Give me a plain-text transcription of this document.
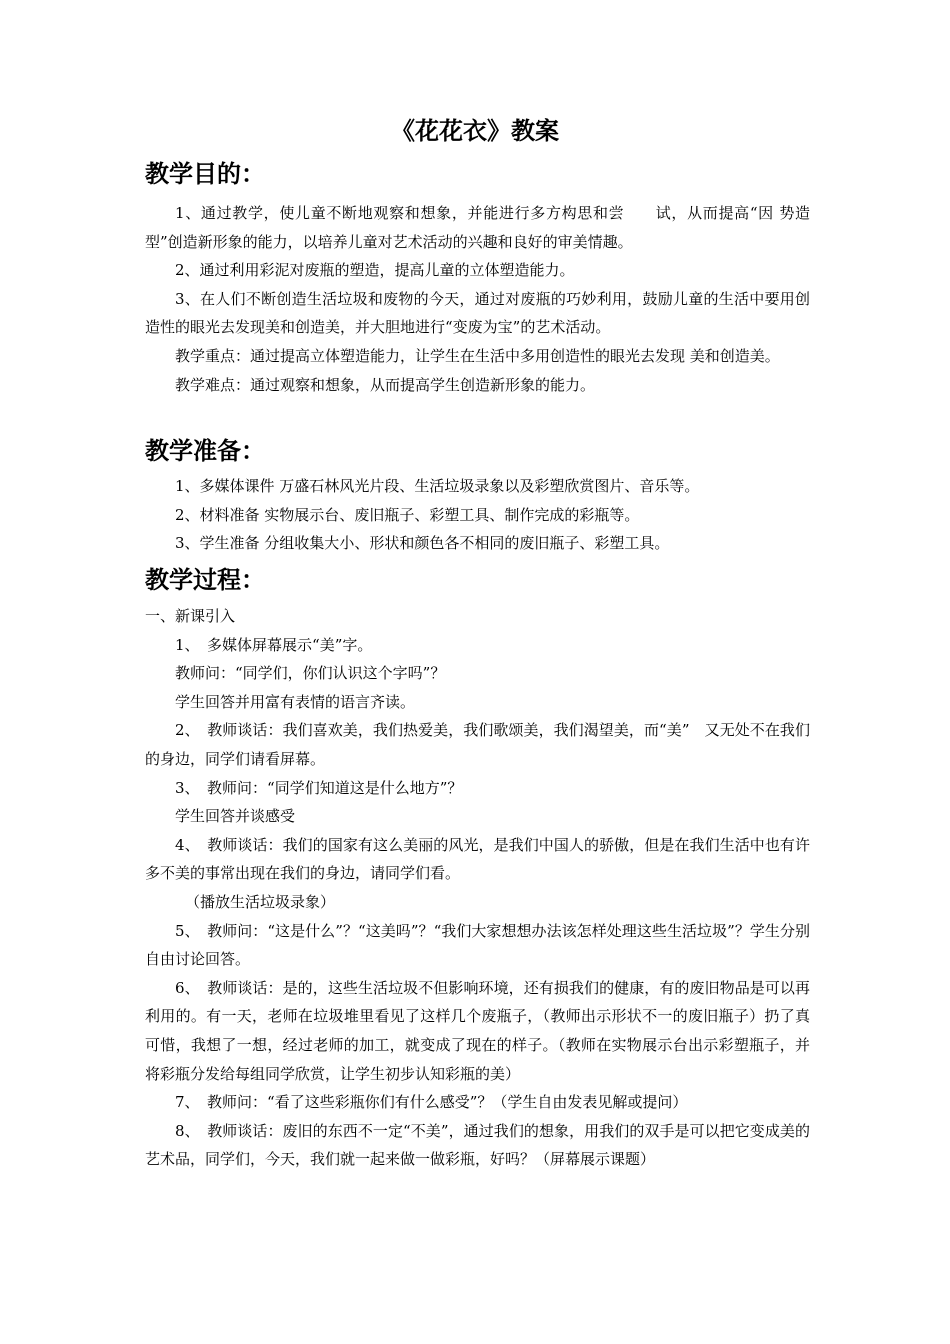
《花花衣》教案
教学目的：

1、通过教学，使儿童不断地观察和想象，并能进行多方构思和尝　　试，从而提高“因 势造型”创造新形象的能力，以培养儿童对艺术活动的兴趣和良好的审美情趣。

2、通过利用彩泥对废瓶的塑造，提高儿童的立体塑造能力。

3、在人们不断创造生活垃圾和废物的今天，通过对废瓶的巧妙利用，鼓励儿童的生活中要用创造性的眼光去发现美和创造美，并大胆地进行“变废为宝”的艺术活动。

教学重点：通过提高立体塑造能力，让学生在生活中多用创造性的眼光去发现 美和创造美。

教学难点：通过观察和想象，从而提高学生创造新形象的能力。

教学准备：

1、多媒体课件 万盛石林风光片段、生活垃圾录象以及彩塑欣赏图片、音乐等。

2、材料准备 实物展示台、废旧瓶子、彩塑工具、制作完成的彩瓶等。

3、学生准备 分组收集大小、形状和颜色各不相同的废旧瓶子、彩塑工具。

教学过程：

一、新课引入

1、　多媒体屏幕展示“美”字。

教师问：“同学们，你们认识这个字吗”？

学生回答并用富有表情的语言齐读。

2、　教师谈话：我们喜欢美，我们热爱美，我们歌颂美，我们渴望美，而“美”　又无处不在我们的身边，同学们请看屏幕。

3、　教师问：“同学们知道这是什么地方”？

学生回答并谈感受

4、　教师谈话：我们的国家有这么美丽的风光，是我们中国人的骄傲，但是在我们生活中也有许多不美的事常出现在我们的身边，请同学们看。

（播放生活垃圾录象）

5、　教师问：“这是什么”？“这美吗”？“我们大家想想办法该怎样处理这些生活垃圾”？学生分别自由讨论回答。

6、　教师谈话：是的，这些生活垃圾不但影响环境，还有损我们的健康，有的废旧物品是可以再利用的。有一天，老师在垃圾堆里看见了这样几个废瓶子，（教师出示形状不一的废旧瓶子）扔了真可惜，我想了一想，经过老师的加工，就变成了现在的样子。（教师在实物展示台出示彩塑瓶子，并将彩瓶分发给每组同学欣赏，让学生初步认知彩瓶的美）

7、　教师问：“看了这些彩瓶你们有什么感受”？（学生自由发表见解或提问）

8、　教师谈话：废旧的东西不一定“不美”，通过我们的想象，用我们的双手是可以把它变成美的艺术品，同学们，今天，我们就一起来做一做彩瓶，好吗？（屏幕展示课题）
